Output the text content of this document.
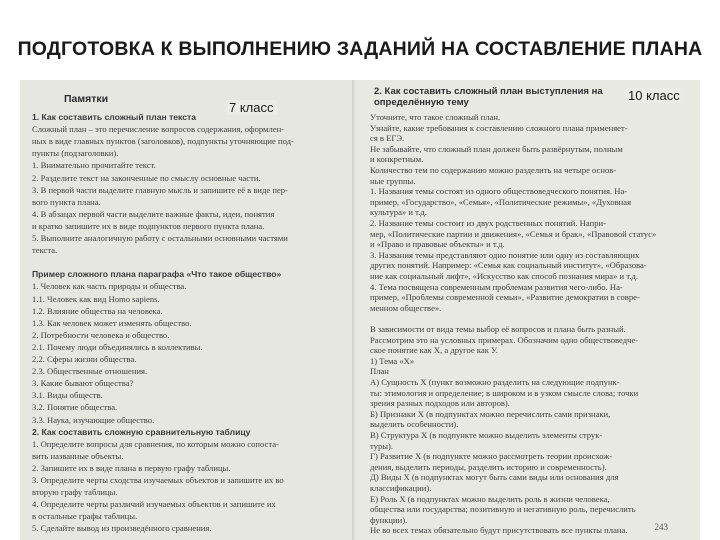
ПОДГОТОВКА К ВЫПОЛНЕНИЮ ЗАДАНИЙ НА СОСТАВЛЕНИЕ ПЛАНА
Памятки
1. Как составить сложный план текста
Сложный план – это перечисление вопросов содержания, оформлен-
ных в виде главных пунктов (заголовков), подпункты уточняющие под-
пункты (подзаголовки).
1. Внимательно прочитайте текст.
2. Разделите текст на законченные по смыслу основные части.
3. В первой части выделите главную мысль и запишите её в виде пер-
вого пункта плана.
4. В абзацах первой части выделите важные факты, идеи, понятия
и кратко запишите их в виде подпунктов первого пункта плана.
5. Выполните аналогичную работу с остальными основными частями
текста.
Пример сложного плана параграфа «Что такое общество»
1. Человек как часть природы и общества.
1.1. Человек как вид Homo sapiens.
1.2. Влияние общества на человека.
1.3. Как человек может изменять общество.
2. Потребности человека и общество.
2.1. Почему люди объединялись в коллективы.
2.2. Сферы жизни общества.
2.3. Общественные отношения.
3. Какие бывают общества?
3.1. Виды обществ.
3.2. Понятие общества.
3.3. Наука, изучающие общество.
2. Как составить сложную сравнительную таблицу
1. Определите вопросы для сравнения, по которым можно сопоста-
вить названные объекты.
2. Запишите их в виде плана в первую графу таблицы.
3. Определите черты сходства изучаемых объектов и запишите их во
вторую графу таблицы.
4. Определите черты различий изучаемых объектов и запишите их
в остальные графы таблицы.
5. Сделайте вывод из произведённого сравнения.
2. Как составить сложный план выступления на определённую тему
Уточните, что такое сложный план.
Узнайте, какие требования к составлению сложного плана применяет-
ся в ЕГЭ.
Не забывайте, что сложный план должен быть развёрнутым, полным
и конкретным.
Количество тем по содержанию можно разделить на четыре основ-
ные группы.
1. Названия темы состоят из одного обществоведческого понятия. На-
пример, «Государство», «Семья», «Политические режимы», «Духовная
культура» и т.д.
2. Название темы состоит из двух родственных понятий. Напри-
мер, «Политические партии и движения», «Семья и брак», «Правовой статус»
и «Право и правовые объекты» и т.д.
3. Названия темы представляют одно понятие или одну из составляющих
других понятий. Например: «Семья как социальный институт», «Образова-
ние как социальный лифт», «Искусство как способ познания мира» и т.д.
4. Тема посвящена современным проблемам развития чего-либо. На-
пример, «Проблемы современной семьи», «Развитие демократии в совре-
менном обществе».
В зависимости от вида темы выбор её вопросов и плана быть разный.
Рассмотрим это на условных примерах. Обозначим одно обществоведче-
ское понятие как Х, а другое как У.
1) Тема «Х»
План
А) Сущность Х (пункт возможно разделить на следующие подпунк-
ты: этимология и определение; в широком и в узком смысле слова; точки
зрения разных подходов или авторов).
Б) Признаки Х (в подпунктах можно перечислить сами признаки,
выделить особенности).
В) Структура Х (в подпункте можно выделить элементы струк-
туры).
Г) Развитие Х (в подпункте можно рассмотреть теории происхож-
дения, выделить периоды, разделить историю и современность).
Д) Виды Х (в подпунктах могут быть сами виды или основания для
классификации).
Е) Роль Х (в подпунктах можно выделить роль в жизни человека,
общества или государства; позитивную и негативную роль, перечислить
функции).
Не во всех темах обязательно будут присутствовать все пункты плана.	243
7 класс
10 класс
